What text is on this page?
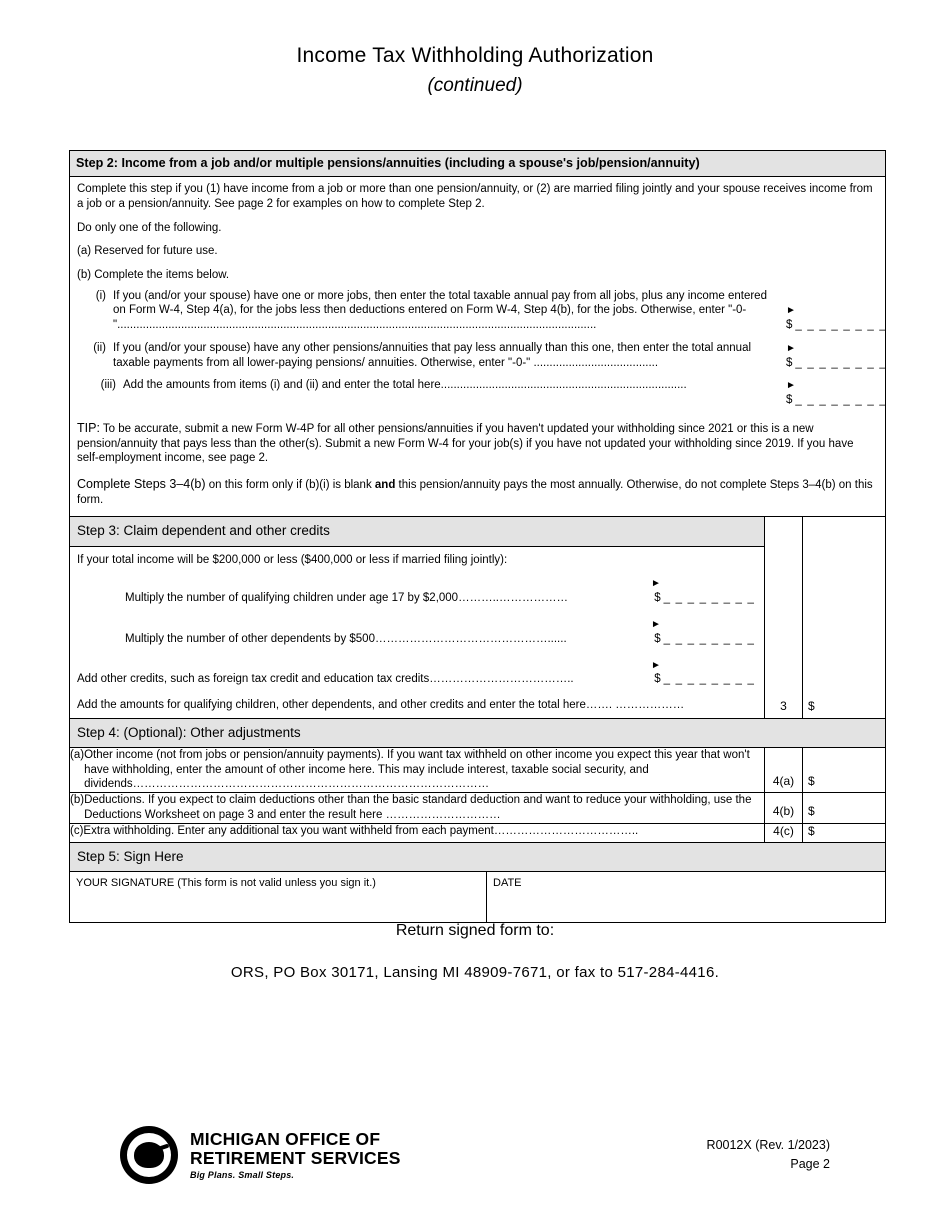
Income Tax Withholding Authorization
(continued)
Step 2: Income from a job and/or multiple pensions/annuities (including a spouse's job/pension/annuity)

Complete this step if you (1) have income from a job or more than one pension/annuity, or (2) are married filing jointly and your spouse receives income from a job or a pension/annuity. See page 2 for examples on how to complete Step 2.

Do only one of the following.

(a) Reserved for future use.

(b) Complete the items below.

(i) If you (and/or your spouse) have one or more jobs, then enter the total taxable annual pay from all jobs, plus any income entered on Form W-4, Step 4(a), for the jobs less then deductions entered on Form W-4, Step 4(b), for the jobs. Otherwise, enter "-0-"......................................................................................................................................................
► $ _ _ _ _ _ _ _ _
(ii) If you (and/or your spouse) have any other pensions/annuities that pay less annually than this one, then enter the total annual taxable payments from all lower-paying pensions/ annuities. Otherwise, enter "-0-" .......................................
► $ _ _ _ _ _ _ _ _
(iii) Add the amounts from items (i) and (ii) and enter the total here.............................................................................	► $ _ _ _ _ _ _ _ _
TIP: To be accurate, submit a new Form W-4P for all other pensions/annuities if you haven't updated your withholding since 2021 or this is a new pension/annuity that pays less than the other(s). Submit a new Form W-4 for your job(s) if you have not updated your withholding since 2019. If you have self-employment income, see page 2.
Complete Steps 3–4(b) on this form only if (b)(i) is blank and this pension/annuity pays the most annually. Otherwise, do not complete Steps 3–4(b) on this form.
Step 3: Claim dependent and other credits

If your total income will be $200,000 or less ($400,000 or less if married filing jointly):

Multiply the number of qualifying children under age 17 by $2,000………..………………
►  $ _ _ _ _ _ _ _ _
Multiply the number of other dependents by $500………………………………………......
►  $ _ _ _ _ _ _ _ _
Add other credits, such as foreign tax credit and education tax credits………………………………..
►  $ _ _ _ _ _ _ _ _
Add the amounts for qualifying children, other dependents, and other credits and enter the total here……. ………………	3	$
Step 4: (Optional): Other adjustments
(a) Other income (not from jobs or pension/annuity payments). If you want tax withheld on other income you expect this year that won't have withholding, enter the amount of other income here. This may include interest, taxable social security, and dividends…………………………………………………………………………………	4(a)	$
(b) Deductions. If you expect to claim deductions other than the basic standard deduction and want to reduce your withholding, use the Deductions Worksheet on page 3 and enter the result here …………………………	4(b)	$
(c) Extra withholding. Enter any additional tax you want withheld from each payment………………………………..	4(c)	$
Step 5: Sign Here
YOUR SIGNATURE (This form is not valid unless you sign it.)	DATE
Return signed form to:
ORS, PO Box 30171, Lansing MI 48909-7671, or fax to 517-284-4416.
MICHIGAN OFFICE OF
RETIREMENT SERVICES
Big Plans. Small Steps.
R0012X (Rev. 1/2023)
Page 2
